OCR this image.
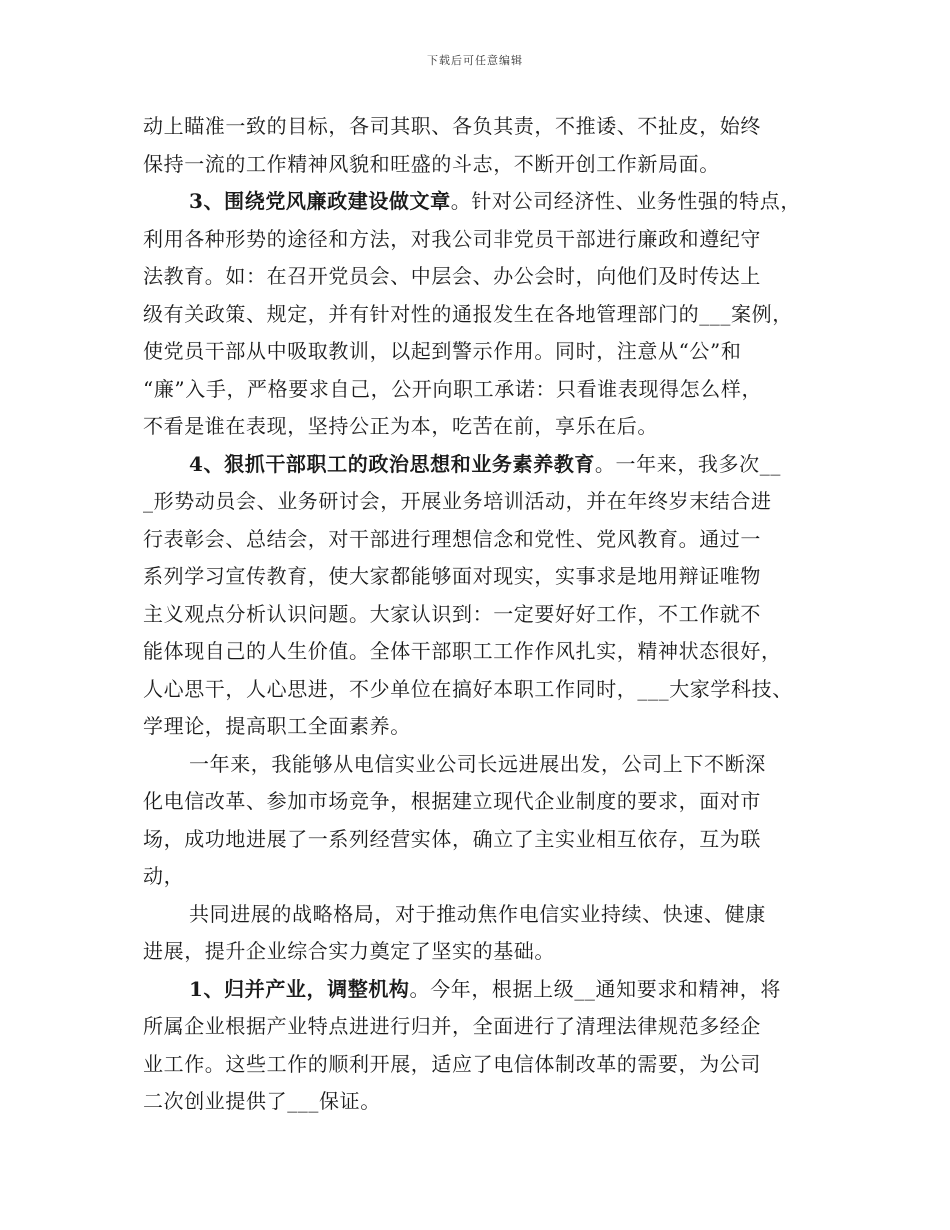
下载后可任意编辑
动上瞄准一致的目标，各司其职、各负其责，不推诿、不扯皮，始终
保持一流的工作精神风貌和旺盛的斗志，不断开创工作新局面。
3、围绕党风廉政建设做文章。针对公司经济性、业务性强的特点，
利用各种形势的途径和方法，对我公司非党员干部进行廉政和遵纪守
法教育。如：在召开党员会、中层会、办公会时，向他们及时传达上
级有关政策、规定，并有针对性的通报发生在各地管理部门的___案例，
使党员干部从中吸取教训，以起到警示作用。同时，注意从“公”和
“廉”入手，严格要求自己，公开向职工承诺：只看谁表现得怎么样，
不看是谁在表现，坚持公正为本，吃苦在前，享乐在后。
4、狠抓干部职工的政治思想和业务素养教育。一年来，我多次__
_形势动员会、业务研讨会，开展业务培训活动，并在年终岁末结合进
行表彰会、总结会，对干部进行理想信念和党性、党风教育。通过一
系列学习宣传教育，使大家都能够面对现实，实事求是地用辩证唯物
主义观点分析认识问题。大家认识到：一定要好好工作，不工作就不
能体现自己的人生价值。全体干部职工工作作风扎实，精神状态很好，
人心思干，人心思进，不少单位在搞好本职工作同时，___大家学科技、
学理论，提高职工全面素养。
一年来，我能够从电信实业公司长远进展出发，公司上下不断深
化电信改革、参加市场竞争，根据建立现代企业制度的要求，面对市
场，成功地进展了一系列经营实体，确立了主实业相互依存，互为联
动，
共同进展的战略格局，对于推动焦作电信实业持续、快速、健康
进展，提升企业综合实力奠定了坚实的基础。
1、归并产业，调整机构。今年，根据上级__通知要求和精神，将
所属企业根据产业特点进进行归并，全面进行了清理法律规范多经企
业工作。这些工作的顺利开展，适应了电信体制改革的需要，为公司
二次创业提供了___保证。
